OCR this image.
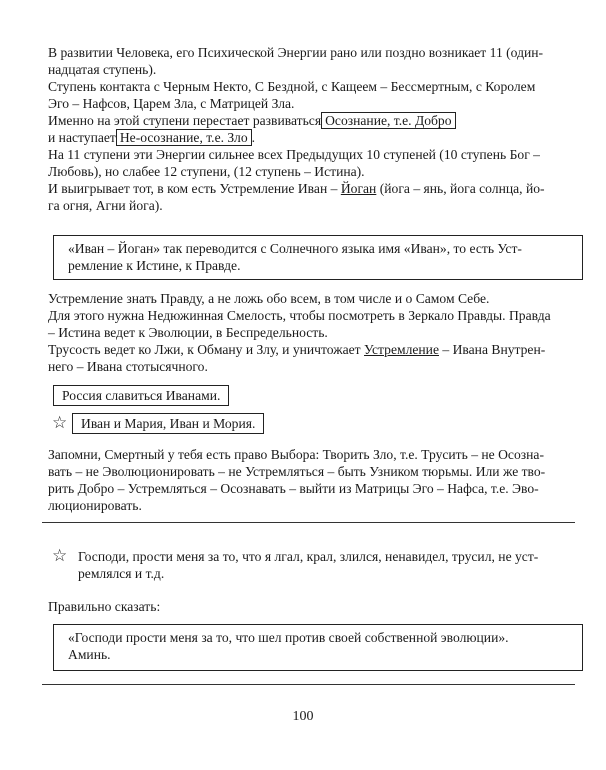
В развитии Человека, его Психической Энергии рано или поздно возникает 11 (один-

надцатая ступень).

Ступень контакта с Черным Некто, С Бездной, с Кащеем – Бессмертным, с Королем

Эго – Нафсов, Царем Зла, с Матрицей Зла.

Именно на этой ступени перестает развиваться Осознание, т.е. Добро

и наступает Не-осознание, т.е. Зло .

На 11 ступени эти Энергии сильнее всех Предыдущих 10 ступеней (10 ступень Бог –

Любовь), но слабее 12 ступени, (12 ступень – Истина).

И выигрывает тот, в ком есть Устремление Иван – Йоган (йога – янь, йога солнца, йо-

га огня, Агни йога).

«Иван – Йоган» так переводится с Солнечного языка имя «Иван», то есть Уст-

ремление к Истине, к Правде.

Устремление знать Правду, а не ложь обо всем, в том числе и о Самом Себе.

Для этого нужна Недюжинная Смелость, чтобы посмотреть в Зеркало Правды. Правда

– Истина ведет к Эволюции, в Беспредельность.

Трусость ведет ко Лжи, к Обману и Злу, и уничтожает Устремление – Ивана Внутрен-

него – Ивана стотысячного.

Россия славиться Иванами.
☆	Иван и Мария, Иван и Мория.

Запомни, Смертный у тебя есть право Выбора: Творить Зло, т.е. Трусить – не Осозна-

вать – не Эволюционировать – не Устремляться – быть Узником тюрьмы. Или же тво-

рить Добро – Устремляться – Осознавать – выйти из Матрицы Эго – Нафса, т.е. Эво-

люционировать.

☆ Господи, прости меня за то, что я лгал, крал, злился, ненавидел, трусил, не уст-

ремлялся и т.д.

Правильно сказать:

«Господи прости меня за то, что шел против своей собственной эволюции».

Аминь.

100
